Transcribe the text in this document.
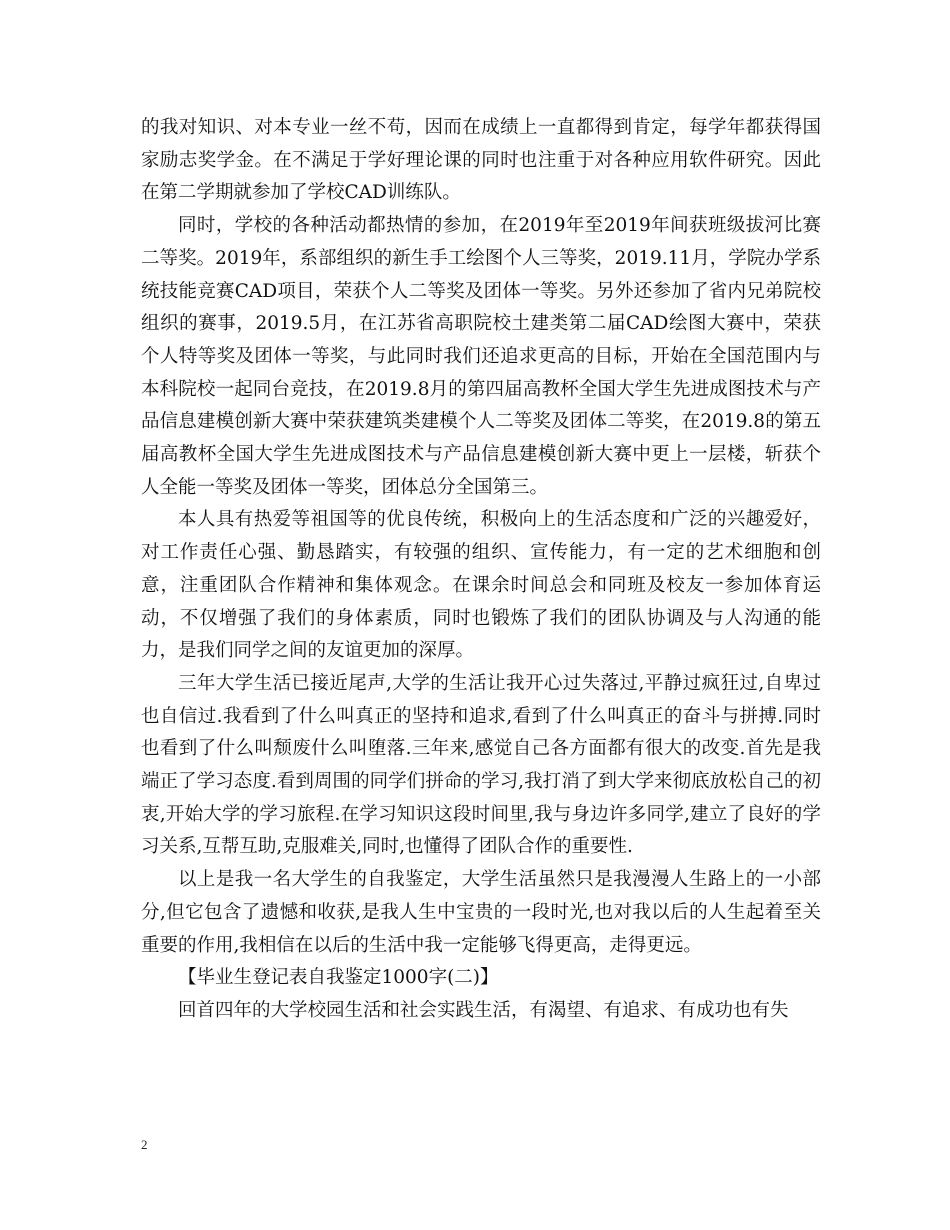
的我对知识、对本专业一丝不苟，因而在成绩上一直都得到肯定，每学年都获得国家励志奖学金。在不满足于学好理论课的同时也注重于对各种应用软件研究。因此在第二学期就参加了学校CAD训练队。

同时，学校的各种活动都热情的参加，在2019年至2019年间获班级拔河比赛二等奖。2019年，系部组织的新生手工绘图个人三等奖，2019.11月，学院办学系统技能竞赛CAD项目，荣获个人二等奖及团体一等奖。另外还参加了省内兄弟院校组织的赛事，2019.5月，在江苏省高职院校土建类第二届CAD绘图大赛中，荣获个人特等奖及团体一等奖，与此同时我们还追求更高的目标，开始在全国范围内与本科院校一起同台竞技，在2019.8月的第四届高教杯全国大学生先进成图技术与产品信息建模创新大赛中荣获建筑类建模个人二等奖及团体二等奖，在2019.8的第五届高教杯全国大学生先进成图技术与产品信息建模创新大赛中更上一层楼，斩获个人全能一等奖及团体一等奖，团体总分全国第三。

本人具有热爱等祖国等的优良传统，积极向上的生活态度和广泛的兴趣爱好，对工作责任心强、勤恳踏实，有较强的组织、宣传能力，有一定的艺术细胞和创意，注重团队合作精神和集体观念。在课余时间总会和同班及校友一参加体育运动，不仅增强了我们的身体素质，同时也锻炼了我们的团队协调及与人沟通的能力，是我们同学之间的友谊更加的深厚。

三年大学生活已接近尾声,大学的生活让我开心过失落过,平静过疯狂过,自卑过也自信过.我看到了什么叫真正的坚持和追求,看到了什么叫真正的奋斗与拼搏.同时也看到了什么叫颓废什么叫堕落.三年来,感觉自己各方面都有很大的改变.首先是我端正了学习态度.看到周围的同学们拼命的学习,我打消了到大学来彻底放松自己的初衷,开始大学的学习旅程.在学习知识这段时间里,我与身边许多同学,建立了良好的学习关系,互帮互助,克服难关,同时,也懂得了团队合作的重要性.

以上是我一名大学生的自我鉴定，大学生活虽然只是我漫漫人生路上的一小部分,但它包含了遗憾和收获,是我人生中宝贵的一段时光,也对我以后的人生起着至关重要的作用,我相信在以后的生活中我一定能够飞得更高，走得更远。

【毕业生登记表自我鉴定1000字(二)】

回首四年的大学校园生活和社会实践生活，有渴望、有追求、有成功也有失

2
